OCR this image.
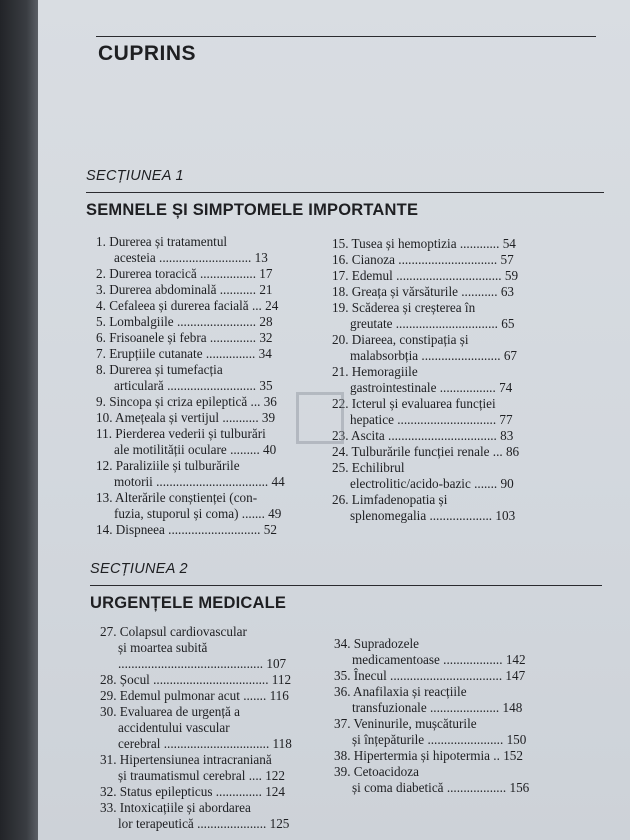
CUPRINS
SECȚIUNEA 1
SEMNELE ȘI SIMPTOMELE IMPORTANTE
1. Durerea și tratamentul
acesteia ............................ 13
2. Durerea toracică ................. 17
3. Durerea abdominală ........... 21
4. Cefaleea și durerea facială ... 24
5. Lombalgiile ........................ 28
6. Frisoanele și febra .............. 32
7. Erupțiile cutanate ............... 34
8. Durerea și tumefacția
articulară ........................... 35
9. Sincopa și criza epileptică ... 36
10. Amețeala și vertijul ........... 39
11. Pierderea vederii și tulburări
ale motilității oculare ......... 40
12. Paraliziile și tulburările
motorii .................................. 44
13. Alterările conștienței (con-
fuzia, stuporul și coma) ....... 49
14. Dispneea ............................ 52
15. Tusea și hemoptizia ............ 54
16. Cianoza .............................. 57
17. Edemul ................................ 59
18. Greața și vărsăturile ........... 63
19. Scăderea și creșterea în
greutate ............................... 65
20. Diareea, constipația și
malabsorbția ........................ 67
21. Hemoragiile
gastrointestinale ................. 74
22. Icterul și evaluarea funcției
hepatice .............................. 77
23. Ascita ................................. 83
24. Tulburările funcției renale ... 86
25. Echilibrul
electrolitic/acido-bazic ....... 90
26. Limfadenopatia și
splenomegalia ................... 103
SECȚIUNEA 2
URGENȚELE MEDICALE
27. Colapsul cardiovascular
și moartea subită
............................................ 107
28. Șocul ................................... 112
29. Edemul pulmonar acut ....... 116
30. Evaluarea de urgență a
accidentului vascular
cerebral ................................ 118
31. Hipertensiunea intracraniană
și traumatismul cerebral .... 122
32. Status epilepticus .............. 124
33. Intoxicațiile și abordarea
lor terapeutică ..................... 125
34. Supradozele
medicamentoase .................. 142
35. Înecul .................................. 147
36. Anafilaxia și reacțiile
transfuzionale ..................... 148
37. Veninurile, mușcăturile
și înțepăturile ....................... 150
38. Hipertermia și hipotermia .. 152
39. Cetoacidoza
și coma diabetică .................. 156
